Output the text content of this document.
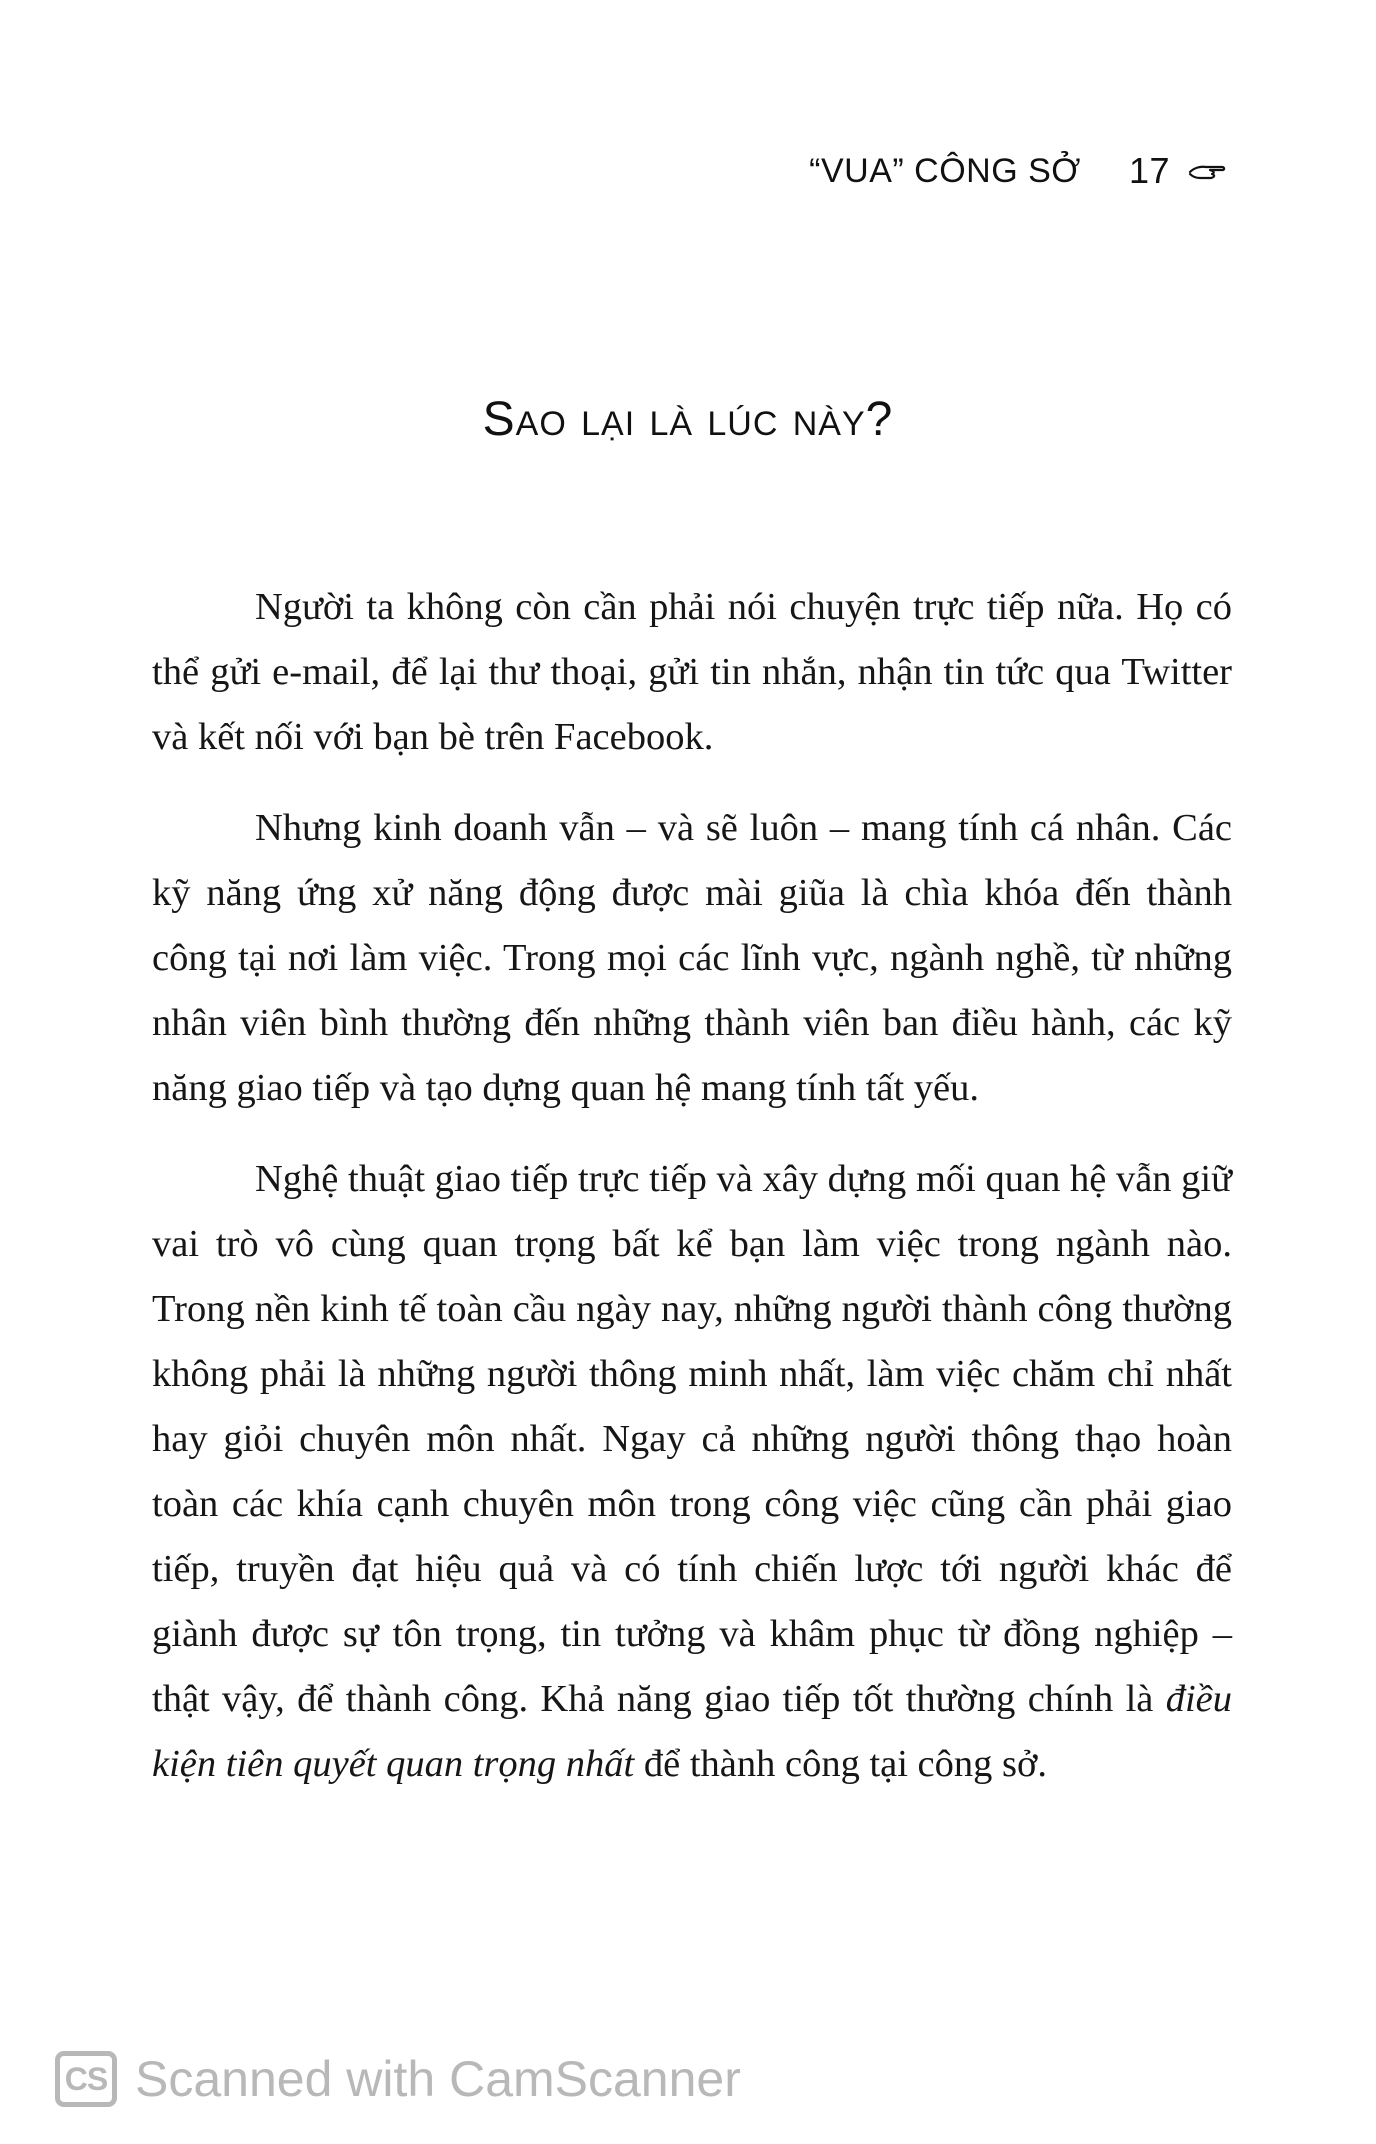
“VUA” CÔNG SỞ 17
Sao lại là lúc này?

Người ta không còn cần phải nói chuyện trực tiếp nữa. Họ có thể gửi e-mail, để lại thư thoại, gửi tin nhắn, nhận tin tức qua Twitter và kết nối với bạn bè trên Facebook.

Nhưng kinh doanh vẫn – và sẽ luôn – mang tính cá nhân. Các kỹ năng ứng xử năng động được mài giũa là chìa khóa đến thành công tại nơi làm việc. Trong mọi các lĩnh vực, ngành nghề, từ những nhân viên bình thường đến những thành viên ban điều hành, các kỹ năng giao tiếp và tạo dựng quan hệ mang tính tất yếu.

Nghệ thuật giao tiếp trực tiếp và xây dựng mối quan hệ vẫn giữ vai trò vô cùng quan trọng bất kể bạn làm việc trong ngành nào. Trong nền kinh tế toàn cầu ngày nay, những người thành công thường không phải là những người thông minh nhất, làm việc chăm chỉ nhất hay giỏi chuyên môn nhất. Ngay cả những người thông thạo hoàn toàn các khía cạnh chuyên môn trong công việc cũng cần phải giao tiếp, truyền đạt hiệu quả và có tính chiến lược tới người khác để giành được sự tôn trọng, tin tưởng và khâm phục từ đồng nghiệp – thật vậy, để thành công. Khả năng giao tiếp tốt thường chính là điều kiện tiên quyết quan trọng nhất để thành công tại công sở.

CS Scanned with CamScanner
